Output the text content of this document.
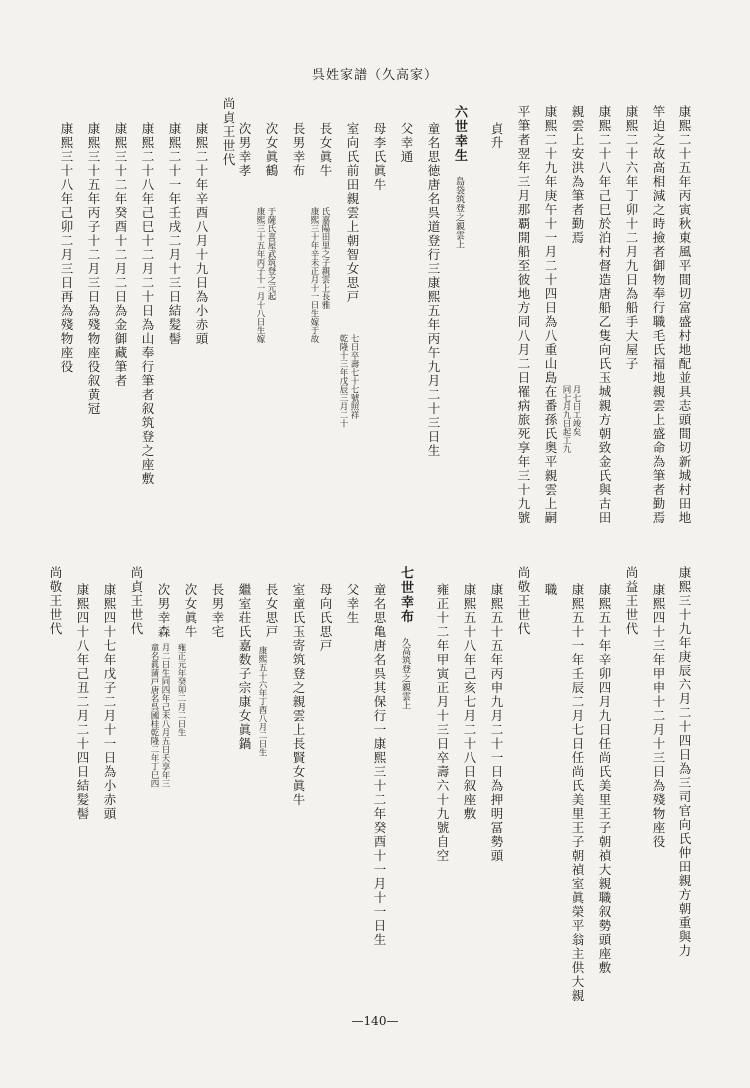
呉姓家譜（久高家）
康熙二十五年丙寅秋東風平間切富盛村地配並具志頭間切新城村田地
竿迫之故高相減之時撿者御物奉行職毛氏福地親雲上盛命為筆者勤焉
康熙二十六年丁卯十二月九日為船手大屋子
康熙二十八年己巳於泊村督造唐船乙隻向氏玉城親方朝致金氏與古田
親雲上安洪為筆者勤焉
康熙二十九年庚午十一月二十四日為八重山島在番孫氏奥平親雲上嗣
平筆者翌年三月那覇開船至彼地方同八月二日罹病旅死享年三十九號
貞升
六世幸生 島袋筑登之親雲上
童名思徳唐名呉道登行三康熙五年丙午九月二十三日生
父幸通
母李氏眞牛
室向氏前田親雲上朝智女思戸
長女眞牛
長男幸布
次女眞鶴
次男幸孝
尚貞王世代
康熙二十年辛酉八月十九日為小赤頭
康熙二十一年壬戌二月十三日結髪髻
康熙二十八年己巳十二月二十日為山奉行筆者叙筑登之座敷
康熙三十二年癸酉十二月二日為金御藏筆者
康熙三十五年丙子十二月三日為殘物座役叙黄冠
康熙三十八年己卯二月三日再為殘物座役
同七月九日起工九 月七日工竣矣
乾隆十三年戊辰三月二十 七日卒壽七十七號照祥
康熙三十年辛未正月十一日生嫁于故 氏嘉陽田里之子親雲上長雅
康熙三十五年丙子十一月十八日生嫁 于薩氏喜屋武筑登之元起
康熙三十九年庚辰六月二十四日為三司官向氏仲田親方朝重與力
康熙四十三年甲申十二月十三日為殘物座役
尚益王世代
康熙五十年辛卯四月九日任尚氏美里王子朝禎大親職叙勢頭座敷
康熙五十一年壬辰二月七日任尚氏美里王子朝禎室眞榮平翁主供大親
職
尚敬王世代
康熙五十五年丙申九月二十一日為押明冨勢頭
康熙五十八年己亥七月二十八日叙座敷
雍正十二年甲寅正月十三日卒壽六十九號自空
七世幸布 久高筑登之親雲上
童名思亀唐名呉其保行一康熙三十二年癸酉十一月十一日生
父幸生
母向氏思戸
室童氏玉寄筑登之親雲上長賢女眞牛
長女思戸
繼室荘氏嘉数子宗康女眞鍋
長男幸宅
次女眞牛
次男幸森
尚貞王世代
康熙四十七年戊子二月十一日為小赤頭
康熙四十八年己丑二月二十四日結髪髻
尚敬王世代
康熙五十六年丁酉八月二日生
雍正元年癸卯二月二日生
童名眞蒲戸唐名呉國桂乾隆二年丁巳四 月二日生同四年己未八月五日夭享年三
—140—
